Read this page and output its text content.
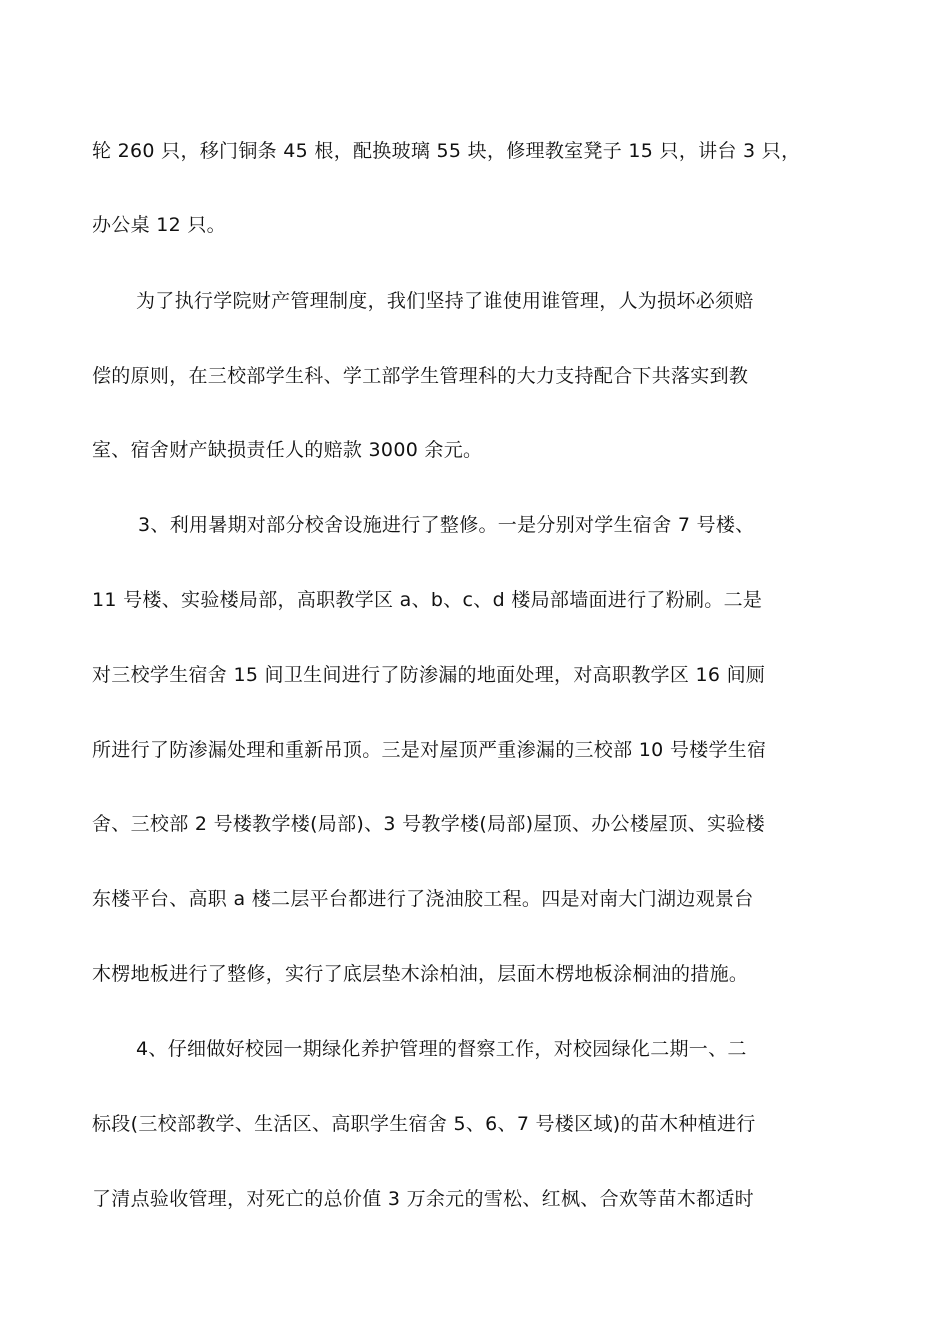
轮 260 只，移门铜条 45 根，配换玻璃 55 块，修理教室凳子 15 只，讲台 3 只，
办公桌 12 只。
为了执行学院财产管理制度，我们坚持了谁使用谁管理，人为损坏必须赔
偿的原则，在三校部学生科、学工部学生管理科的大力支持配合下共落实到教
室、宿舍财产缺损责任人的赔款 3000 余元。
3、利用暑期对部分校舍设施进行了整修。一是分别对学生宿舍 7 号楼、
11 号楼、实验楼局部，高职教学区 a、b、c、d 楼局部墙面进行了粉刷。二是
对三校学生宿舍 15 间卫生间进行了防渗漏的地面处理，对高职教学区 16 间厕
所进行了防渗漏处理和重新吊顶。三是对屋顶严重渗漏的三校部 10 号楼学生宿
舍、三校部 2 号楼教学楼(局部)、3 号教学楼(局部)屋顶、办公楼屋顶、实验楼
东楼平台、高职 a 楼二层平台都进行了浇油胶工程。四是对南大门湖边观景台
木楞地板进行了整修，实行了底层垫木涂柏油，层面木楞地板涂桐油的措施。
4、仔细做好校园一期绿化养护管理的督察工作，对校园绿化二期一、二
标段(三校部教学、生活区、高职学生宿舍 5、6、7 号楼区域)的苗木种植进行
了清点验收管理，对死亡的总价值 3 万余元的雪松、红枫、合欢等苗木都适时
